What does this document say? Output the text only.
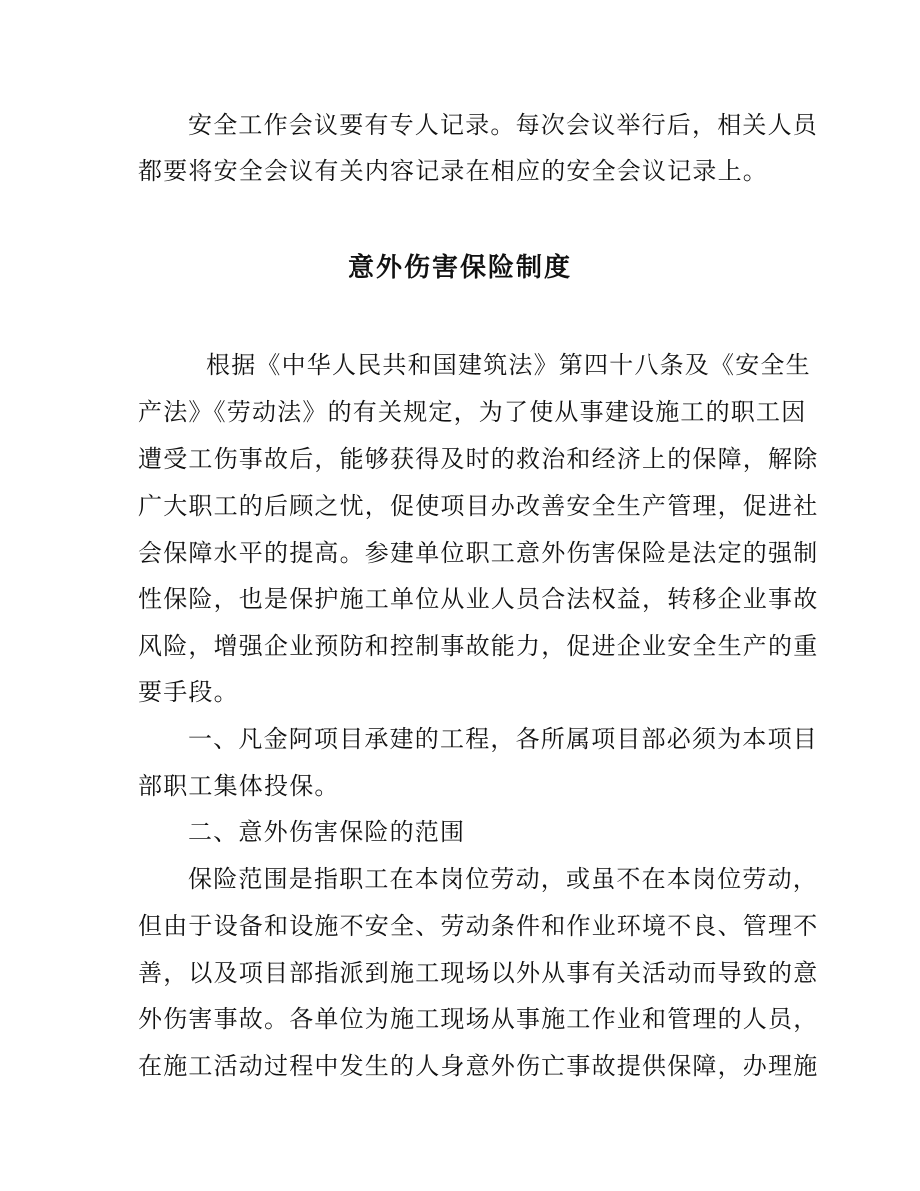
安全工作会议要有专人记录。每次会议举行后，相关人员
都要将安全会议有关内容记录在相应的安全会议记录上。
意外伤害保险制度
根据《中华人民共和国建筑法》第四十八条及《安全生
产法》《劳动法》的有关规定，为了使从事建设施工的职工因
遭受工伤事故后，能够获得及时的救治和经济上的保障，解除
广大职工的后顾之忧，促使项目办改善安全生产管理，促进社
会保障水平的提高。参建单位职工意外伤害保险是法定的强制
性保险，也是保护施工单位从业人员合法权益，转移企业事故
风险，增强企业预防和控制事故能力，促进企业安全生产的重
要手段。
一、凡金阿项目承建的工程，各所属项目部必须为本项目
部职工集体投保。
二、意外伤害保险的范围
保险范围是指职工在本岗位劳动，或虽不在本岗位劳动，
但由于设备和设施不安全、劳动条件和作业环境不良、管理不
善，以及项目部指派到施工现场以外从事有关活动而导致的意
外伤害事故。各单位为施工现场从事施工作业和管理的人员，
在施工活动过程中发生的人身意外伤亡事故提供保障，办理施
